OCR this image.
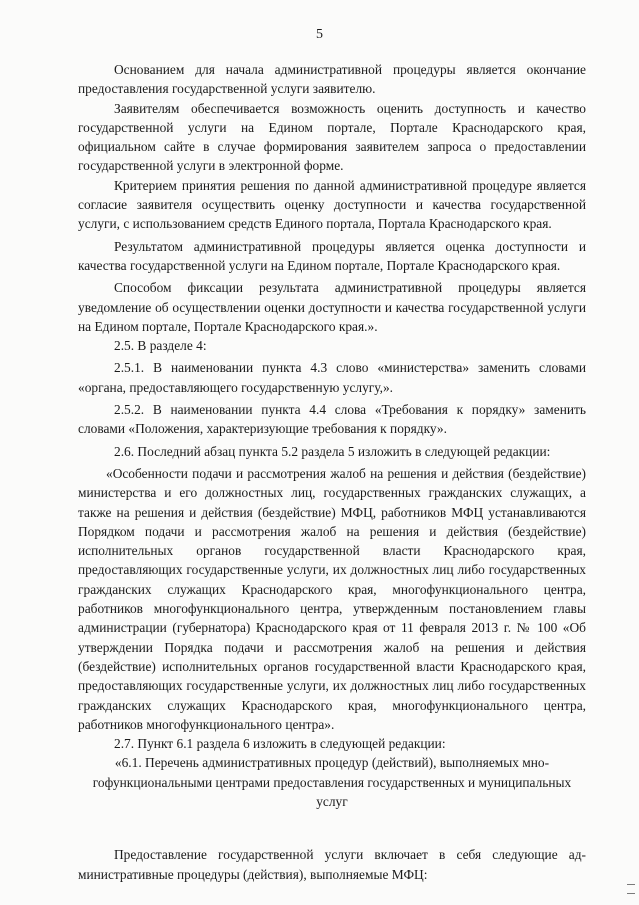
5

Основанием для начала административной процедуры является окончание предоставления государственной услуги заявителю.

Заявителям обеспечивается возможность оценить доступность и качество государственной услуги на Едином портале, Портале Краснодарского края, официальном сайте в случае формирования заявителем запроса о предоставлении государственной услуги в электронной форме.

Критерием принятия решения по данной административной процедуре является согласие заявителя осуществить оценку доступности и качества государственной услуги, с использованием средств Единого портала, Портала Краснодарского края.

Результатом административной процедуры является оценка доступности и качества государственной услуги на Едином портале, Портале Краснодарского края.

Способом фиксации результата административной процедуры является уведомление об осуществлении оценки доступности и качества государственной услуги на Едином портале, Портале Краснодарского края.».

2.5. В разделе 4:

2.5.1. В наименовании пункта 4.3 слово «министерства» заменить словами «органа, предоставляющего государственную услугу,».

2.5.2. В наименовании пункта 4.4 слова «Требования к порядку» заменить словами «Положения, характеризующие требования к порядку».

2.6. Последний абзац пункта 5.2 раздела 5 изложить в следующей редакции:

«Особенности подачи и рассмотрения жалоб на решения и действия (бездействие) министерства и его должностных лиц, государственных гражданских служащих, а также на решения и действия (бездействие) МФЦ, работников МФЦ устанавливаются Порядком подачи и рассмотрения жалоб на решения и действия (бездействие) исполнительных органов государственной власти Краснодарского края, предоставляющих государственные услуги, их должностных лиц либо государственных гражданских служащих Краснодарского края, многофункционального центра, работников многофункционального центра, утвержденным постановлением главы администрации (губернатора) Краснодарского края от 11 февраля 2013 г. № 100 «Об утверждении Порядка подачи и рассмотрения жалоб на решения и действия (бездействие) исполнительных органов государственной власти Краснодарского края, предоставляющих государственные услуги, их должностных лиц либо государственных гражданских служащих Краснодарского края, многофункционального центра, работников многофункционального центра».

2.7. Пункт 6.1 раздела 6 изложить в следующей редакции:

«6.1. Перечень административных процедур (действий), выполняемых многофункциональными центрами предоставления государственных и муниципальных услуг

Предоставление государственной услуги включает в себя следующие административные процедуры (действия), выполняемые МФЦ:
